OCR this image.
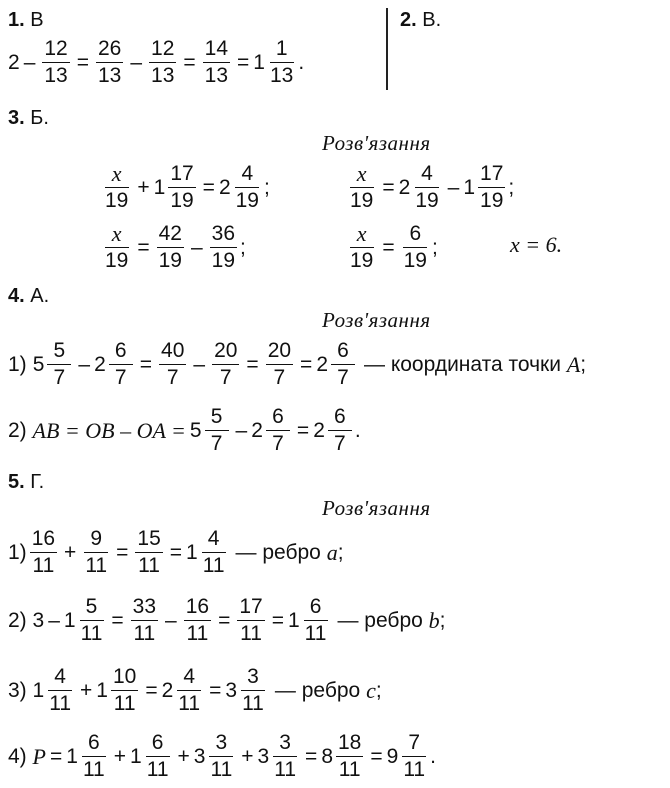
1. В
$2 - \frac{12}{13} = \frac{26}{13} - \frac{12}{13} = \frac{14}{13} = 1 \frac{1}{13}$ .
2. В.
3. Б.
Розв'язання
$\frac{x}{19} + 1 \frac{17}{19} = 2 \frac{4}{19}$ ;	$\frac{x}{19} = 2 \frac{4}{19} - 1 \frac{17}{19}$ ;
$\frac{x}{19} = \frac{42}{19} - \frac{36}{19}$ ;	$\frac{x}{19} = \frac{6}{19}$ ;	x = 6.
4. А.
Розв'язання
1) $5 \frac{5}{7} - 2 \frac{6}{7} = \frac{40}{7} - \frac{20}{7} = \frac{20}{7} = 2 \frac{6}{7}$ — координата точки
A ;
2)
AB = OB – OA = $5 \frac{5}{7} - 2 \frac{6}{7} = 2 \frac{6}{7}$ .
5. Г.
Розв'язання
$1) \frac{16}{11} + \frac{9}{11} = \frac{15}{11} = 1 \frac{4}{11}$ — ребро
a ;
2)
$3 - 1 \frac{5}{11} = \frac{33}{11} - \frac{16}{11} = \frac{17}{11} = 1 \frac{6}{11}$ — ребро
b ;
3)
$1 \frac{4}{11} + 1 \frac{10}{11} = 2 \frac{4}{11} = 3 \frac{3}{11}$ — ребро
c ;
4)
$P = 1 \frac{6}{11} + 1 \frac{6}{11} + 3 \frac{3}{11} + 3 \frac{3}{11} = 8 \frac{18}{11} = 9 \frac{7}{11}$ .
